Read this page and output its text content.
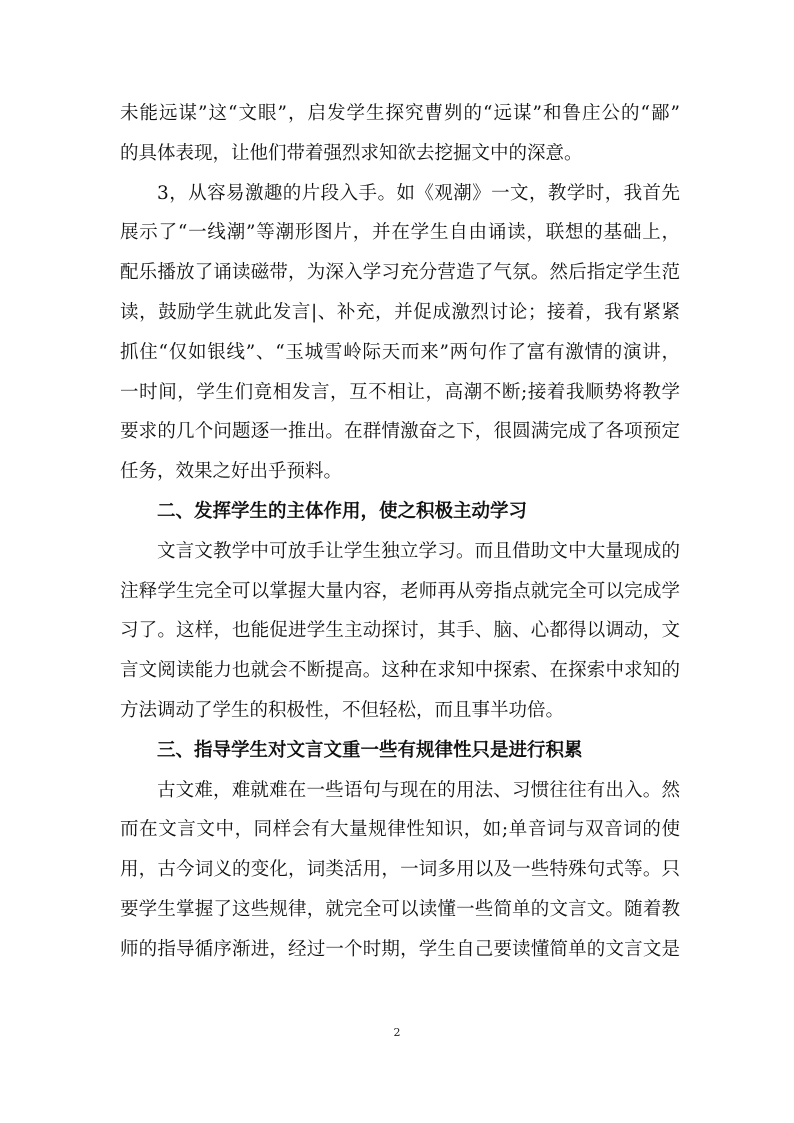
未能远谋”这“文眼”，启发学生探究曹刿的“远谋”和鲁庄公的“鄙”
的具体表现，让他们带着强烈求知欲去挖掘文中的深意。
3，从容易激趣的片段入手。如《观潮》一文，教学时，我首先
展示了“一线潮”等潮形图片，并在学生自由诵读，联想的基础上，
配乐播放了诵读磁带，为深入学习充分营造了气氛。然后指定学生范
读，鼓励学生就此发言|、补充，并促成激烈讨论；接着，我有紧紧
抓住“仅如银线”、“玉城雪岭际天而来”两句作了富有激情的演讲，
一时间，学生们竟相发言，互不相让，高潮不断;接着我顺势将教学
要求的几个问题逐一推出。在群情激奋之下，很圆满完成了各项预定
任务，效果之好出乎预料。
二、发挥学生的主体作用，使之积极主动学习
文言文教学中可放手让学生独立学习。而且借助文中大量现成的
注释学生完全可以掌握大量内容，老师再从旁指点就完全可以完成学
习了。这样，也能促进学生主动探讨，其手、脑、心都得以调动，文
言文阅读能力也就会不断提高。这种在求知中探索、在探索中求知的
方法调动了学生的积极性，不但轻松，而且事半功倍。
三、指导学生对文言文重一些有规律性只是进行积累
古文难，难就难在一些语句与现在的用法、习惯往往有出入。然
而在文言文中，同样会有大量规律性知识，如;单音词与双音词的使
用，古今词义的变化，词类活用，一词多用以及一些特殊句式等。只
要学生掌握了这些规律，就完全可以读懂一些简单的文言文。随着教
师的指导循序渐进，经过一个时期，学生自己要读懂简单的文言文是
2
